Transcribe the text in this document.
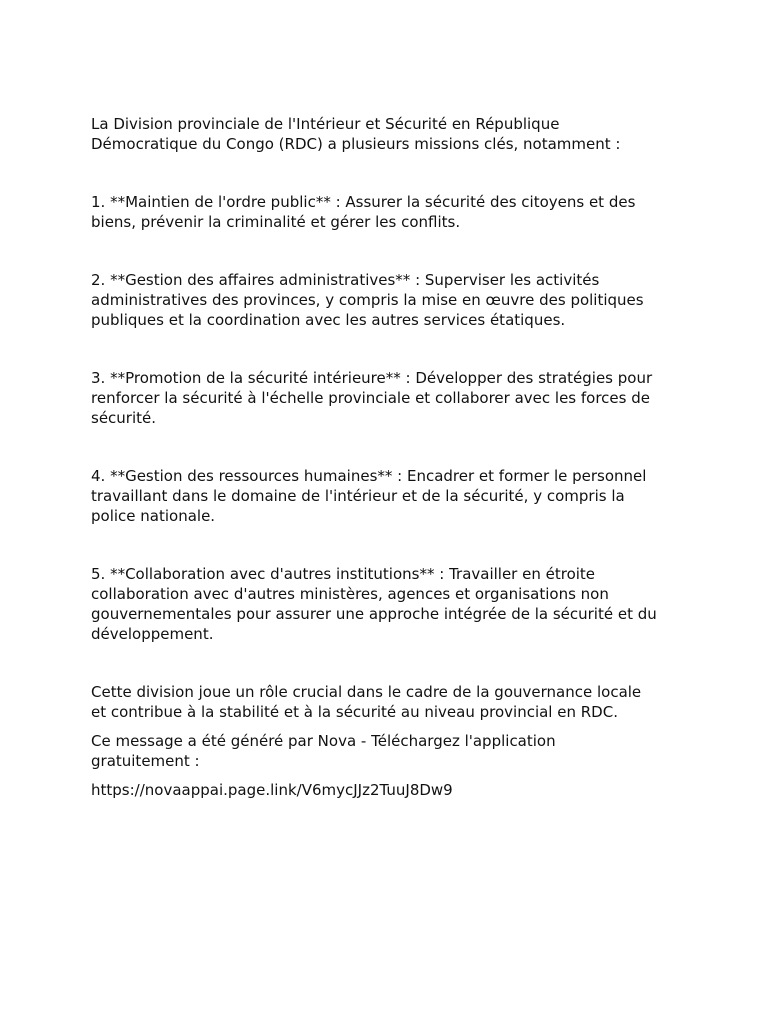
La Division provinciale de l'Intérieur et Sécurité en République
Démocratique du Congo (RDC) a plusieurs missions clés, notamment :

1. **Maintien de l'ordre public** : Assurer la sécurité des citoyens et des
biens, prévenir la criminalité et gérer les conflits.

2. **Gestion des affaires administratives** : Superviser les activités
administratives des provinces, y compris la mise en œuvre des politiques
publiques et la coordination avec les autres services étatiques.

3. **Promotion de la sécurité intérieure** : Développer des stratégies pour
renforcer la sécurité à l'échelle provinciale et collaborer avec les forces de
sécurité.

4. **Gestion des ressources humaines** : Encadrer et former le personnel
travaillant dans le domaine de l'intérieur et de la sécurité, y compris la
police nationale.

5. **Collaboration avec d'autres institutions** : Travailler en étroite
collaboration avec d'autres ministères, agences et organisations non
gouvernementales pour assurer une approche intégrée de la sécurité et du
développement.

Cette division joue un rôle crucial dans le cadre de la gouvernance locale
et contribue à la stabilité et à la sécurité au niveau provincial en RDC.

Ce message a été généré par Nova - Téléchargez l'application
gratuitement :

https://novaappai.page.link/V6mycJJz2TuuJ8Dw9
